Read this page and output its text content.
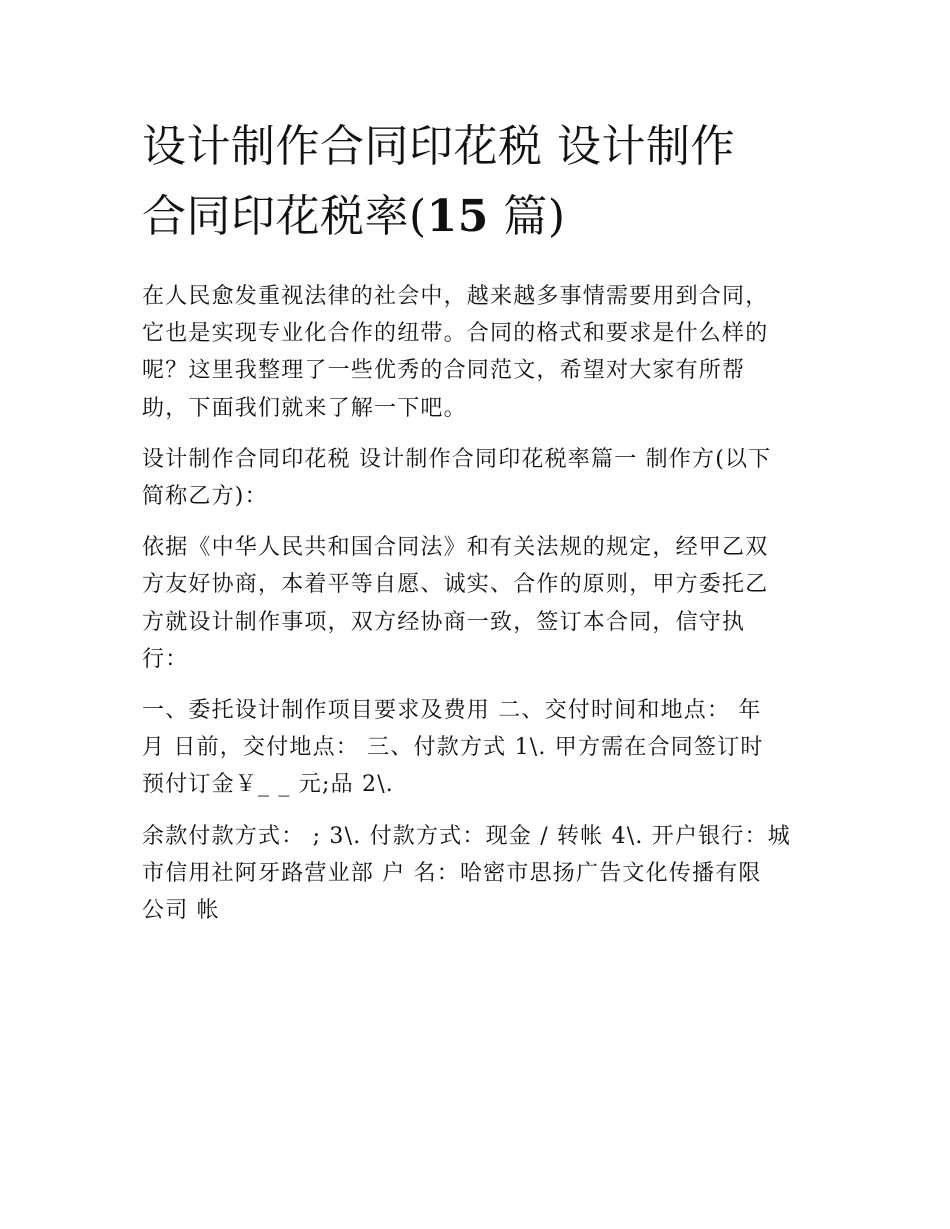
设计制作合同印花税 设计制作
合同印花税率(15 篇)

在人民愈发重视法律的社会中，越来越多事情需要用到合同，
它也是实现专业化合作的纽带。合同的格式和要求是什么样的
呢？这里我整理了一些优秀的合同范文，希望对大家有所帮
助，下面我们就来了解一下吧。

设计制作合同印花税 设计制作合同印花税率篇一 制作方(以下
简称乙方)：

依据《中华人民共和国合同法》和有关法规的规定，经甲乙双
方友好协商，本着平等自愿、诚实、合作的原则，甲方委托乙
方就设计制作事项，双方经协商一致，签订本合同，信守执
行：

一、委托设计制作项目要求及费用 二、交付时间和地点： 年
月 日前，交付地点： 三、付款方式 1\. 甲方需在合同签订时
预付订金￥_ _ 元;品 2\.

余款付款方式： ; 3\. 付款方式：现金 / 转帐 4\. 开户银行：城
市信用社阿牙路营业部 户 名：哈密市思扬广告文化传播有限
公司 帐
